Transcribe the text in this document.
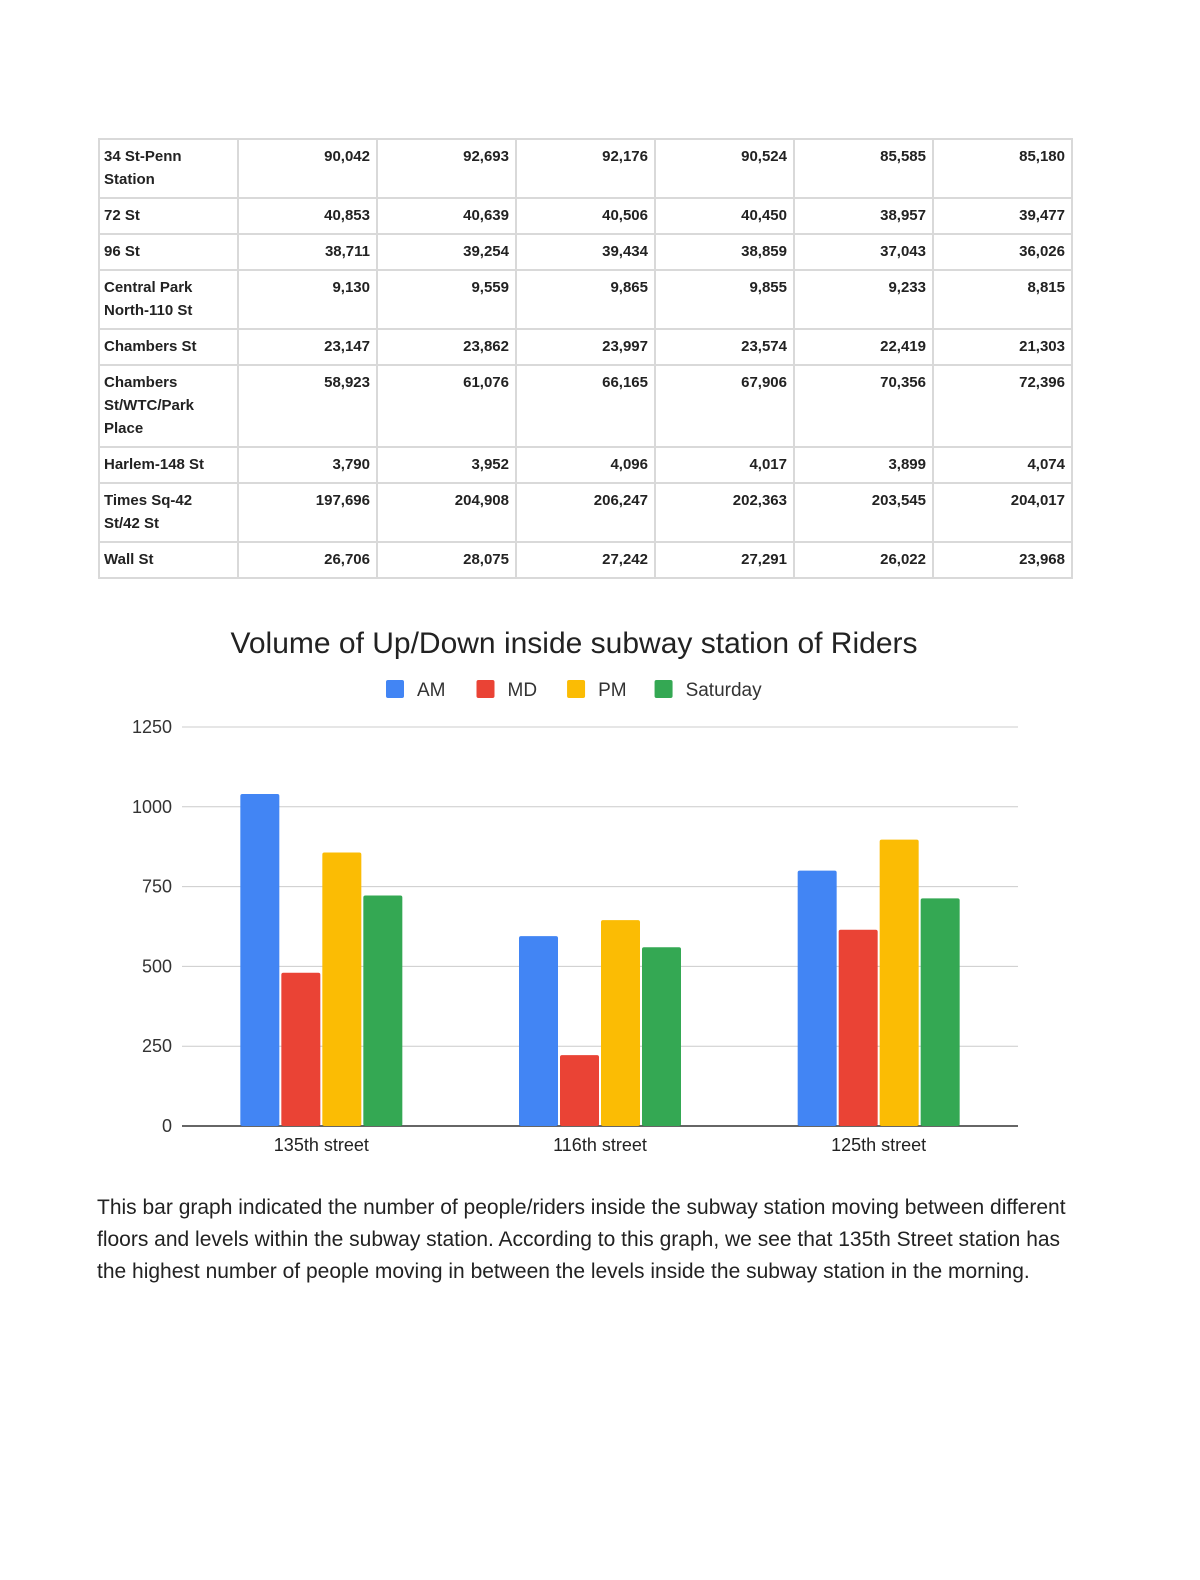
34 St-Penn Station	90,042	92,693	92,176	90,524	85,585	85,180
72 St	40,853	40,639	40,506	40,450	38,957	39,477
96 St	38,711	39,254	39,434	38,859	37,043	36,026
Central Park North-110 St	9,130	9,559	9,865	9,855	9,233	8,815
Chambers St	23,147	23,862	23,997	23,574	22,419	21,303
Chambers St/WTC/Park Place	58,923	61,076	66,165	67,906	70,356	72,396
Harlem-148 St	3,790	3,952	4,096	4,017	3,899	4,074
Times Sq-42 St/42 St	197,696	204,908	206,247	202,363	203,545	204,017
Wall St	26,706	28,075	27,242	27,291	26,022	23,968
Volume of Up/Down inside subway station of Riders
AM	MD	PM	Saturday
0
250
500
750
1000
1250
135th street	116th street	125th street

This bar graph indicated the number of people/riders inside the subway station moving between different floors and levels within the subway station. According to this graph, we see that 135th Street station has the highest number of people moving in between the levels inside the subway station in the morning.
